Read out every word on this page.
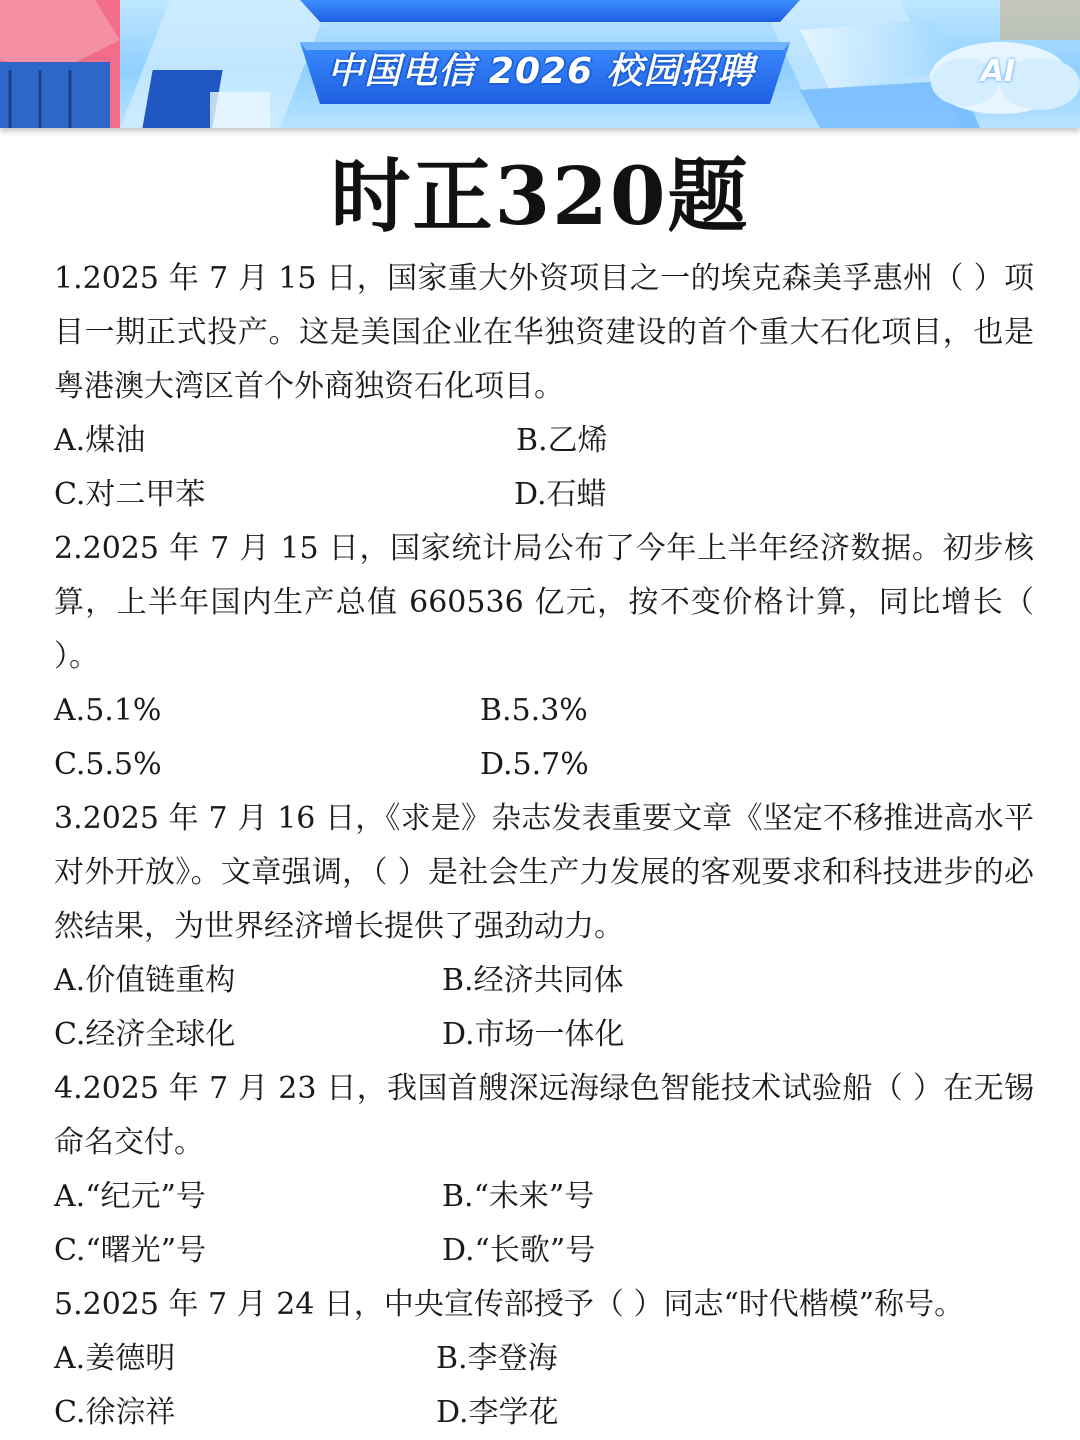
中国电信 2026 校园招聘	AI
时正320题
1.2025 年 7 月 15 日，国家重大外资项目之一的埃克森美孚惠州（ ）项目一期正式投产。这是美国企业在华独资建设的首个重大石化项目，也是粤港澳大湾区首个外商独资石化项目。
A.煤油	B.乙烯
C.对二甲苯	D.石蜡
2.2025 年 7 月 15 日，国家统计局公布了今年上半年经济数据。初步核算，上半年国内生产总值 660536 亿元，按不变价格计算，同比增长（ ）。
A.5.1%	B.5.3%
C.5.5%	D.5.7%
3.2025 年 7 月 16 日，《求是》杂志发表重要文章《坚定不移推进高水平对外开放》。文章强调，（ ）是社会生产力发展的客观要求和科技进步的必然结果，为世界经济增长提供了强劲动力。
A.价值链重构	B.经济共同体
C.经济全球化	D.市场一体化
4.2025 年 7 月 23 日，我国首艘深远海绿色智能技术试验船（ ）在无锡命名交付。
A.“纪元”号	B.“未来”号
C.“曙光”号	D.“长歌”号
5.2025 年 7 月 24 日，中央宣传部授予（ ）同志“时代楷模”称号。
A.姜德明	B.李登海
C.徐淙祥	D.李学花
